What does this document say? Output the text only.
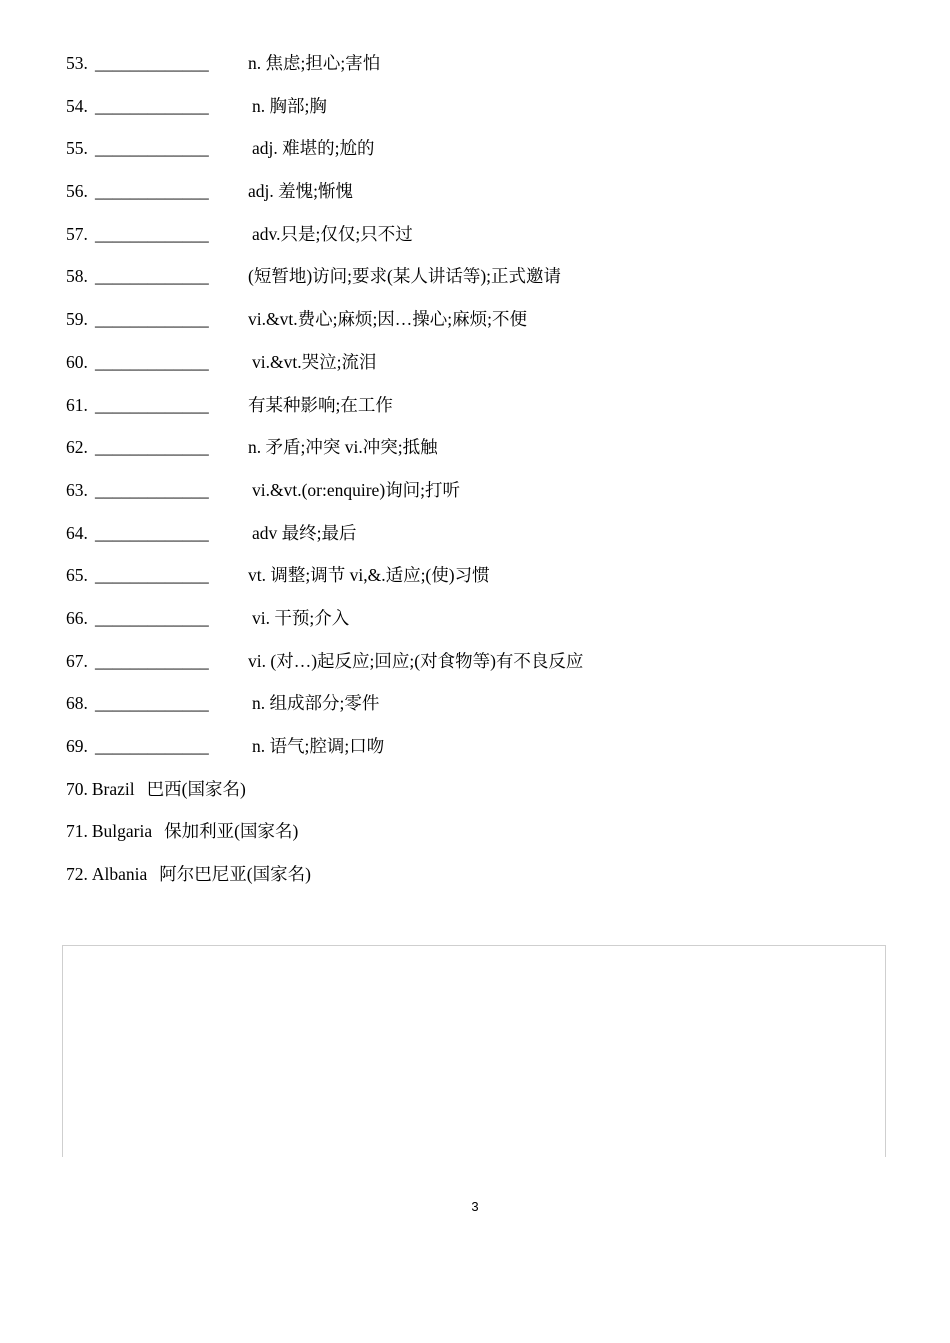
53. _____________ n. 焦虑;担心;害怕
54. _____________ n. 胸部;胸
55. _____________ adj. 难堪的;尬的
56. _____________ adj. 羞愧;惭愧
57. _____________ adv.只是;仅仅;只不过
58. _____________ (短暂地)访问;要求(某人讲话等);正式邀请
59. _____________ vi.&vt.费心;麻烦;因…操心;麻烦;不便
60. _____________ vi.&vt.哭泣;流泪
61. _____________ 有某种影响;在工作
62. _____________ n. 矛盾;冲突 vi.冲突;抵触
63. _____________ vi.&vt.(or:enquire)询问;打听
64. _____________ adv 最终;最后
65. _____________ vt. 调整;调节 vi,&.适应;(使)习惯
66. _____________ vi. 干预;介入
67. _____________ vi. (对…)起反应;回应;(对食物等)有不良反应
68. _____________ n. 组成部分;零件
69. _____________ n. 语气;腔调;口吻
70. Brazil 巴西(国家名)
71. Bulgaria 保加利亚(国家名)
72. Albania 阿尔巴尼亚(国家名)
3
